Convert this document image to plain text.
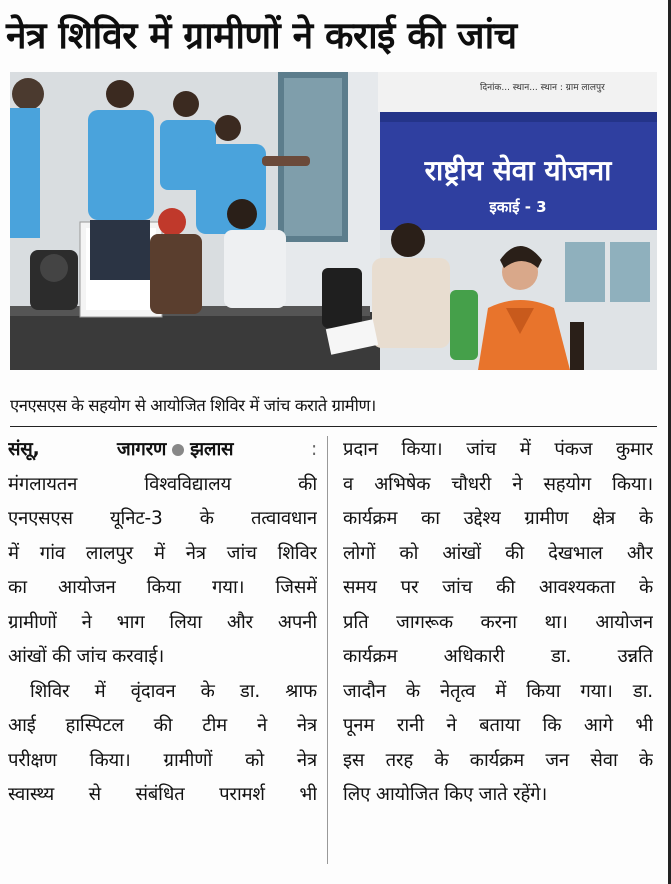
नेत्र शिविर में ग्रामीणों ने कराई की जांच
दिनांक... स्थान... स्थान : ग्राम लालपुर
राष्ट्रीय सेवा योजना
इकाई - 3
एनएसएस के सहयोग से आयोजित शिविर में जांच कराते ग्रामीण।
संसू,	जागरण झलास	:
मंगलायतन विश्वविद्यालय की
एनएसएस यूनिट-3 के तत्वावधान
में गांव लालपुर में नेत्र जांच शिविर
का आयोजन किया गया। जिसमें
ग्रामीणों ने भाग लिया और अपनी
आंखों की जांच करवाई।
शिविर में वृंदावन के डा. श्राफ
आई हास्पिटल की टीम ने नेत्र
परीक्षण किया। ग्रामीणों को नेत्र
स्वास्थ्य से संबंधित परामर्श भी
प्रदान किया। जांच में पंकज कुमार
व अभिषेक चौधरी ने सहयोग किया।
कार्यक्रम का उद्देश्य ग्रामीण क्षेत्र के
लोगों को आंखों की देखभाल और
समय पर जांच की आवश्यकता के
प्रति जागरूक करना था। आयोजन
कार्यक्रम अधिकारी डा. उन्नति
जादौन के नेतृत्व में किया गया। डा.
पूनम रानी ने बताया कि आगे भी
इस तरह के कार्यक्रम जन सेवा के
लिए आयोजित किए जाते रहेंगे।
